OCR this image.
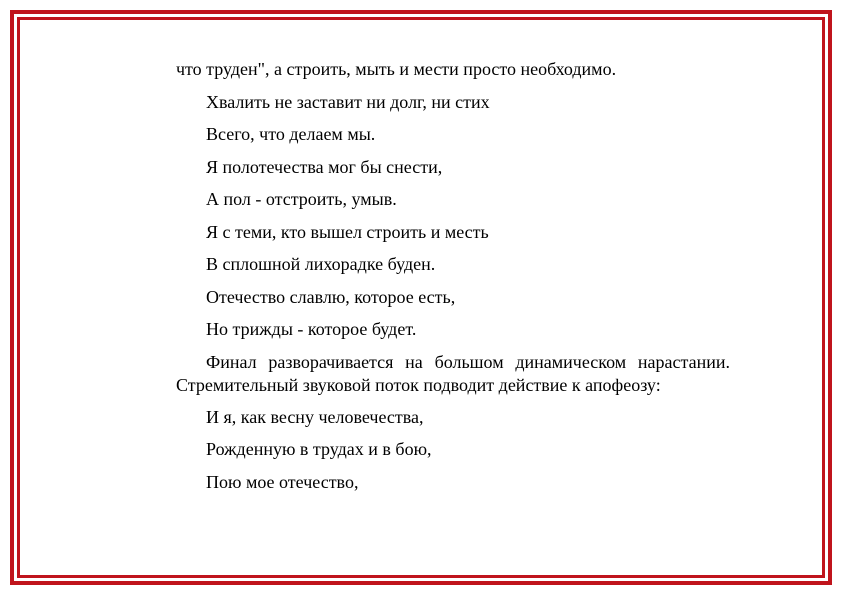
что труден", а строить, мыть и мести просто необходимо.
Хвалить не заставит ни долг, ни стих
Всего, что делаем мы.
Я полотечества мог бы снести,
А пол - отстроить, умыв.
Я с теми, кто вышел строить и месть
В сплошной лихорадке буден.
Отечество славлю, которое есть,
Но трижды - которое будет.
Финал разворачивается на большом динамическом нарастании. Стремительный звуковой поток подводит действие к апофеозу:
И я, как весну человечества,
Рожденную в трудах и в бою,
Пою мое отечество,
